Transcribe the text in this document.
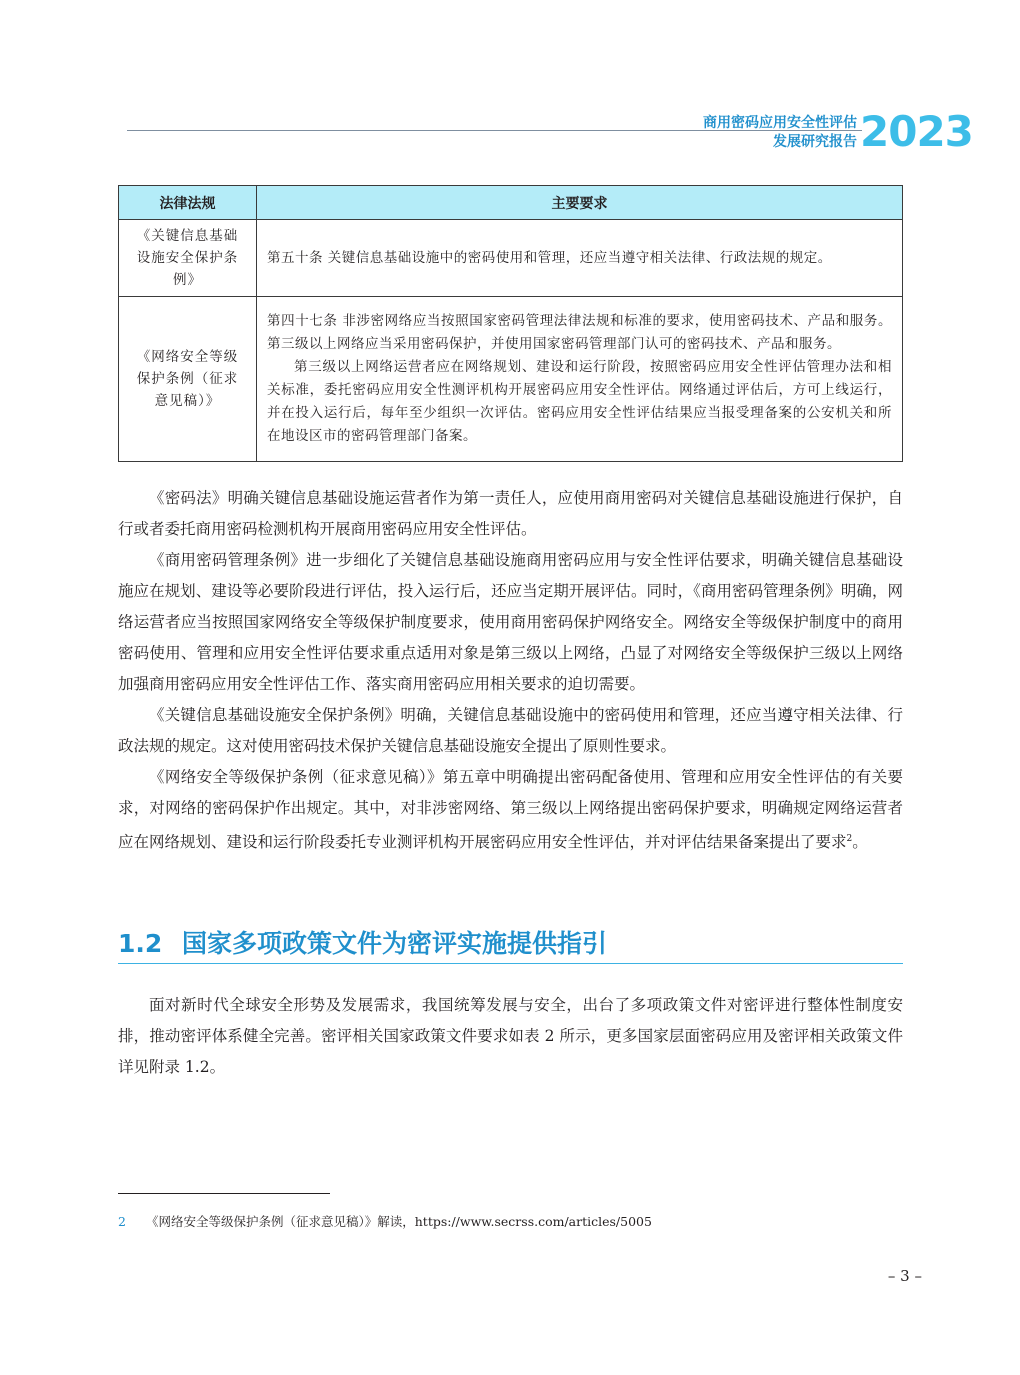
商用密码应用安全性评估
发展研究报告 2023
法律法规	主要要求
《关键信息基础设施安全保护条例》	第五十条 关键信息基础设施中的密码使用和管理，还应当遵守相关法律、行政法规的规定。

《网络安全等级保护条例（征求意见稿）》	第四十七条 非涉密网络应当按照国家密码管理法律法规和标准的要求，使用密码技术、产品和服务。第三级以上网络应当采用密码保护，并使用国家密码管理部门认可的密码技术、产品和服务。
第三级以上网络运营者应在网络规划、建设和运行阶段，按照密码应用安全性评估管理办法和相关标准，委托密码应用安全性测评机构开展密码应用安全性评估。网络通过评估后，方可上线运行，并在投入运行后，每年至少组织一次评估。密码应用安全性评估结果应当报受理备案的公安机关和所在地设区市的密码管理部门备案。

《密码法》明确关键信息基础设施运营者作为第一责任人，应使用商用密码对关键信息基础设施进行保护，自行或者委托商用密码检测机构开展商用密码应用安全性评估。

《商用密码管理条例》进一步细化了关键信息基础设施商用密码应用与安全性评估要求，明确关键信息基础设施应在规划、建设等必要阶段进行评估，投入运行后，还应当定期开展评估。同时，《商用密码管理条例》明确，网络运营者应当按照国家网络安全等级保护制度要求，使用商用密码保护网络安全。网络安全等级保护制度中的商用密码使用、管理和应用安全性评估要求重点适用对象是第三级以上网络，凸显了对网络安全等级保护三级以上网络加强商用密码应用安全性评估工作、落实商用密码应用相关要求的迫切需要。

《关键信息基础设施安全保护条例》明确，关键信息基础设施中的密码使用和管理，还应当遵守相关法律、行政法规的规定。这对使用密码技术保护关键信息基础设施安全提出了原则性要求。

《网络安全等级保护条例（征求意见稿）》第五章中明确提出密码配备使用、管理和应用安全性评估的有关要求，对网络的密码保护作出规定。其中，对非涉密网络、第三级以上网络提出密码保护要求，明确规定网络运营者应在网络规划、建设和运行阶段委托专业测评机构开展密码应用安全性评估，并对评估结果备案提出了要求$^2$。

1.2 国家多项政策文件为密评实施提供指引

面对新时代全球安全形势及发展需求，我国统筹发展与安全，出台了多项政策文件对密评进行整体性制度安排，推动密评体系健全完善。密评相关国家政策文件要求如表 2 所示，更多国家层面密码应用及密评相关政策文件详见附录 1.2。

2 《网络安全等级保护条例（征求意见稿）》解读，https://www.secrss.com/articles/5005
– 3 –
